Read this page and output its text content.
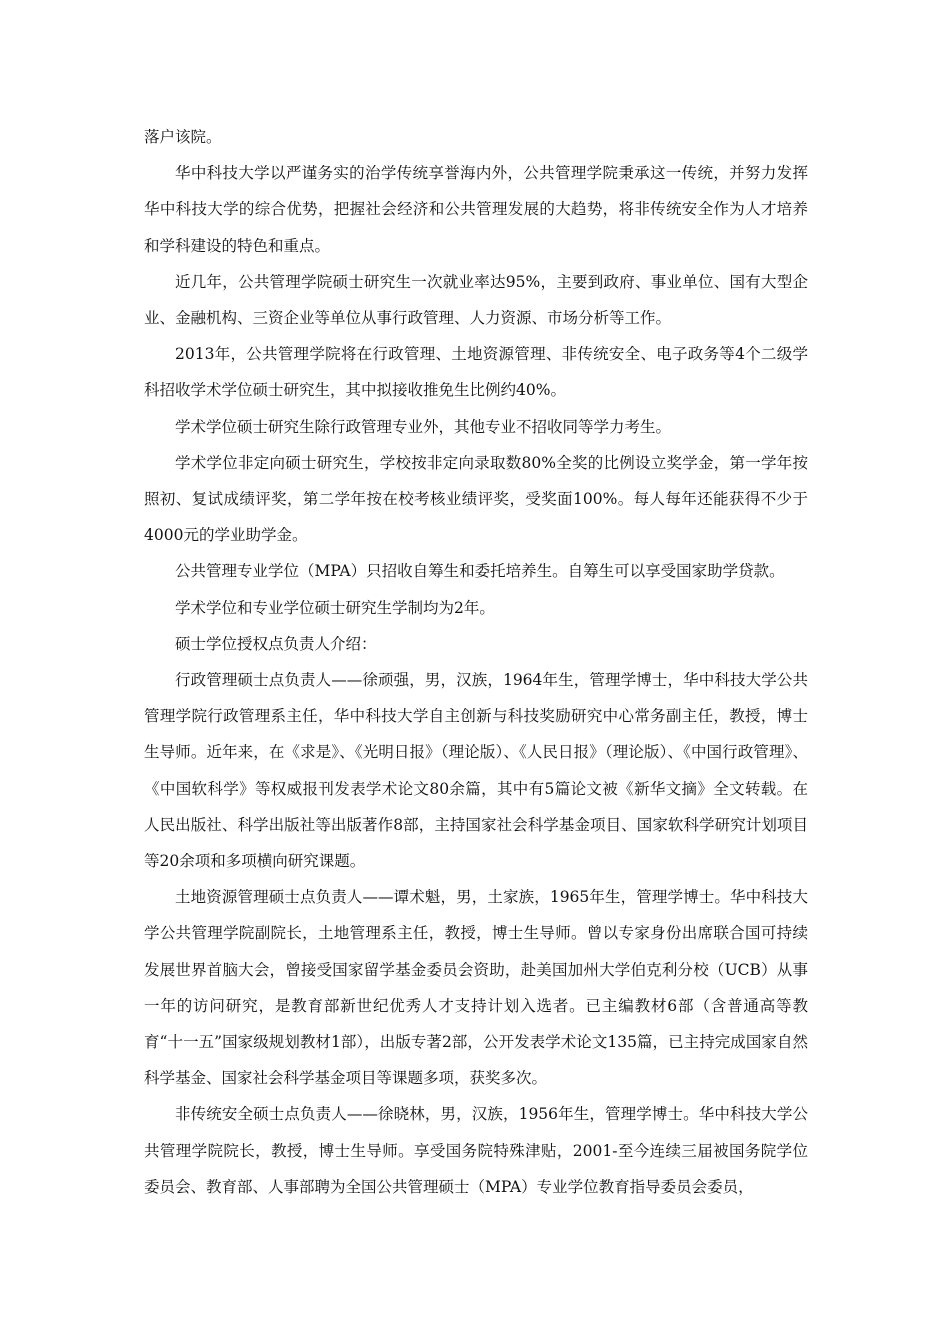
落户该院。

华中科技大学以严谨务实的治学传统享誉海内外，公共管理学院秉承这一传统，并努力发挥华中科技大学的综合优势，把握社会经济和公共管理发展的大趋势，将非传统安全作为人才培养和学科建设的特色和重点。

近几年，公共管理学院硕士研究生一次就业率达95%，主要到政府、事业单位、国有大型企业、金融机构、三资企业等单位从事行政管理、人力资源、市场分析等工作。

2013年，公共管理学院将在行政管理、土地资源管理、非传统安全、电子政务等4个二级学科招收学术学位硕士研究生，其中拟接收推免生比例约40%。

学术学位硕士研究生除行政管理专业外，其他专业不招收同等学力考生。

学术学位非定向硕士研究生，学校按非定向录取数80%全奖的比例设立奖学金，第一学年按照初、复试成绩评奖，第二学年按在校考核业绩评奖，受奖面100%。每人每年还能获得不少于4000元的学业助学金。

公共管理专业学位（MPA）只招收自筹生和委托培养生。自筹生可以享受国家助学贷款。

学术学位和专业学位硕士研究生学制均为2年。

硕士学位授权点负责人介绍：

行政管理硕士点负责人——徐顽强，男，汉族，1964年生，管理学博士，华中科技大学公共管理学院行政管理系主任，华中科技大学自主创新与科技奖励研究中心常务副主任，教授，博士生导师。近年来，在《求是》、《光明日报》（理论版）、《人民日报》（理论版）、《中国行政管理》、《中国软科学》等权威报刊发表学术论文80余篇，其中有5篇论文被《新华文摘》全文转载。在人民出版社、科学出版社等出版著作8部，主持国家社会科学基金项目、国家软科学研究计划项目等20余项和多项横向研究课题。

土地资源管理硕士点负责人——谭术魁，男，土家族，1965年生，管理学博士。华中科技大学公共管理学院副院长，土地管理系主任，教授，博士生导师。曾以专家身份出席联合国可持续发展世界首脑大会，曾接受国家留学基金委员会资助，赴美国加州大学伯克利分校（UCB）从事一年的访问研究，是教育部新世纪优秀人才支持计划入选者。已主编教材6部（含普通高等教育“十一五”国家级规划教材1部），出版专著2部，公开发表学术论文135篇，已主持完成国家自然科学基金、国家社会科学基金项目等课题多项，获奖多次。

非传统安全硕士点负责人——徐晓林，男，汉族，1956年生，管理学博士。华中科技大学公共管理学院院长，教授，博士生导师。享受国务院特殊津贴，2001-至今连续三届被国务院学位委员会、教育部、人事部聘为全国公共管理硕士（MPA）专业学位教育指导委员会委员，
